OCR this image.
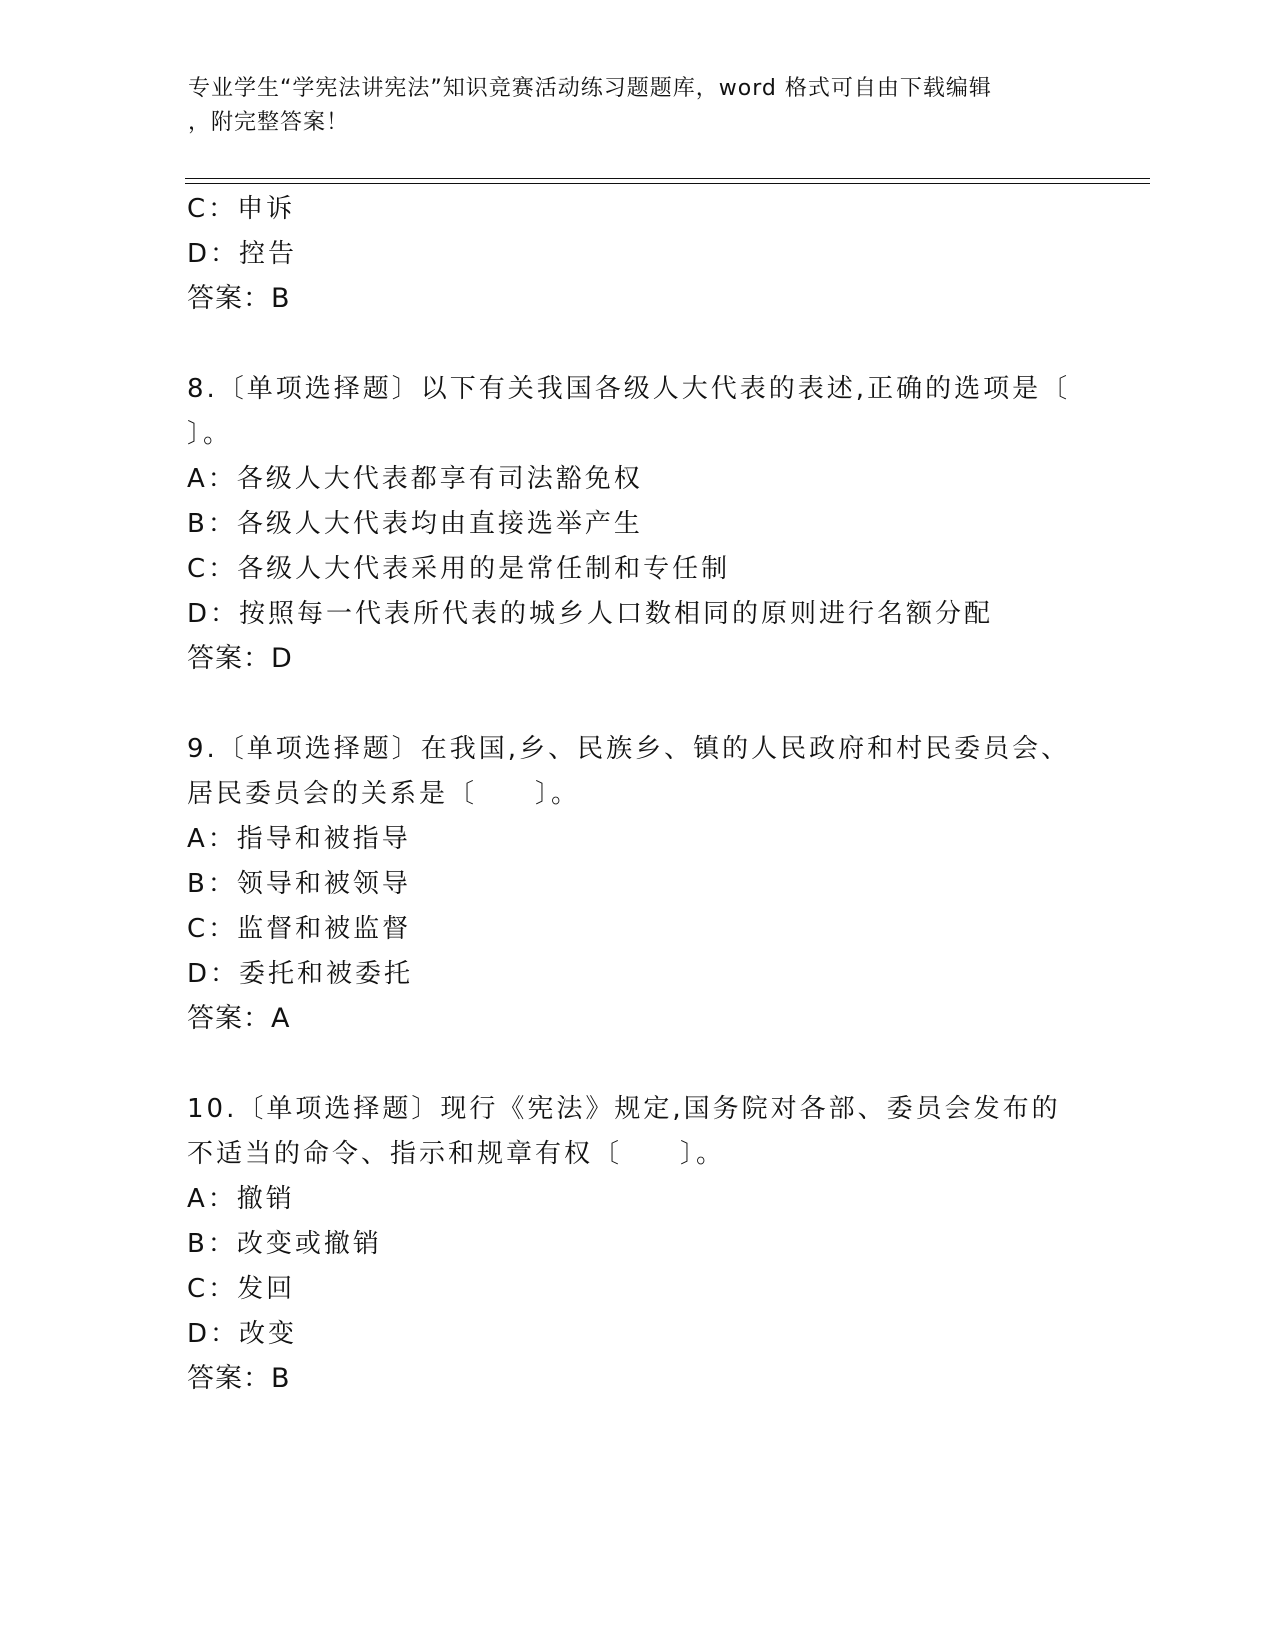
专业学生“学宪法讲宪法”知识竞赛活动练习题题库，word 格式可自由下载编辑
，附完整答案！
C：申诉
D：控告
答案：B
8.〔单项选择题〕以下有关我国各级人大代表的表述,正确的选项是〔
〕。
A：各级人大代表都享有司法豁免权
B：各级人大代表均由直接选举产生
C：各级人大代表采用的是常任制和专任制
D：按照每一代表所代表的城乡人口数相同的原则进行名额分配
答案：D
9.〔单项选择题〕在我国,乡、民族乡、镇的人民政府和村民委员会、
居民委员会的关系是〔　　〕。
A：指导和被指导
B：领导和被领导
C：监督和被监督
D：委托和被委托
答案：A
10.〔单项选择题〕现行《宪法》规定,国务院对各部、委员会发布的
不适当的命令、指示和规章有权〔　　〕。
A：撤销
B：改变或撤销
C：发回
D：改变
答案：B
